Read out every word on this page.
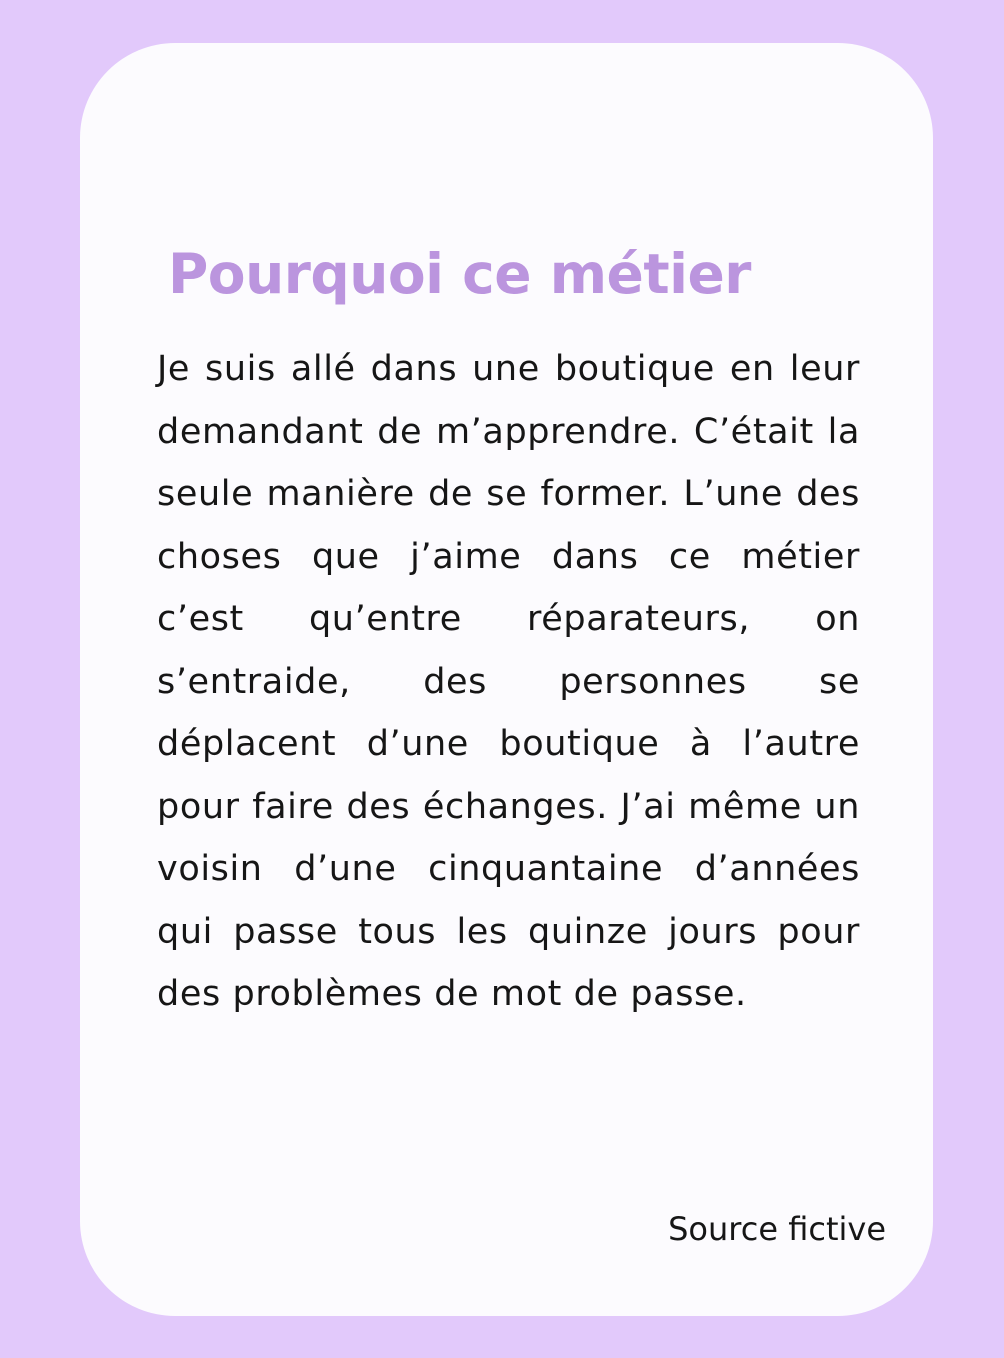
Pourquoi ce métier

Je suis allé dans une boutique en leur demandant de m’apprendre. C’était la seule manière de se former. L’une des choses que j’aime dans ce métier c’est qu’entre réparateurs, on s’entraide, des personnes se déplacent d’une boutique à l’autre pour faire des échanges. J’ai même un voisin d’une cinquantaine d’années qui passe tous les quinze jours pour des problèmes de mot de passe.

Source fictive
